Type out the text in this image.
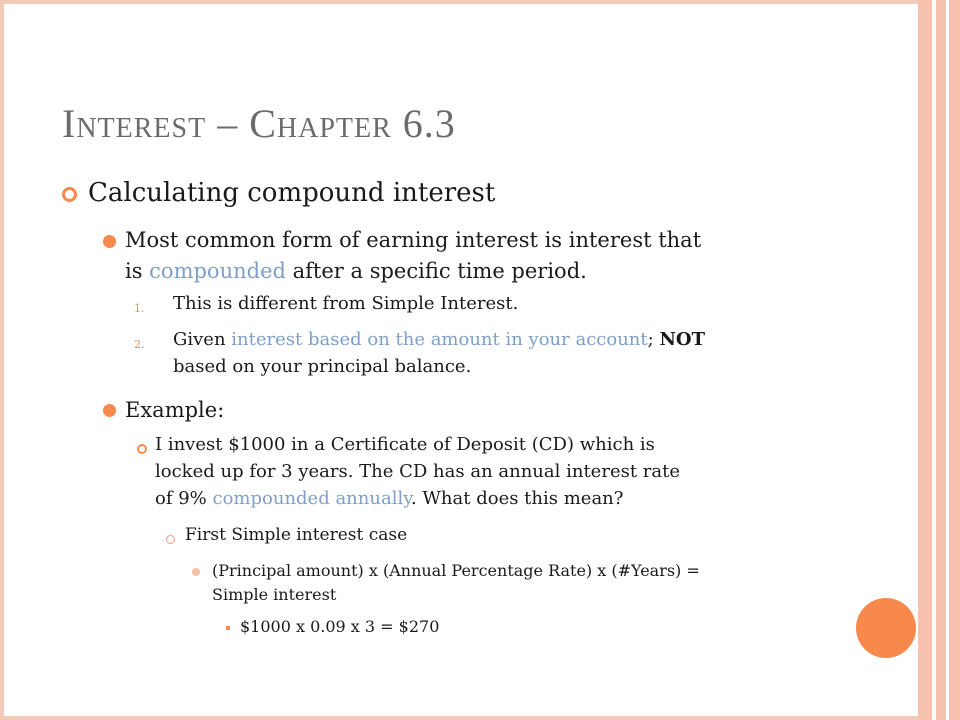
Interest – Chapter 6.3
Calculating compound interest
Most common form of earning interest is interest that
is compounded after a specific time period.
1. This is different from Simple Interest.
2. Given interest based on the amount in your account; NOT
based on your principal balance.
Example:
I invest $1000 in a Certificate of Deposit (CD) which is
locked up for 3 years. The CD has an annual interest rate
of 9% compounded annually. What does this mean?
First Simple interest case
(Principal amount) x (Annual Percentage Rate) x (#Years) =
Simple interest
$1000 x 0.09 x 3 = $270
